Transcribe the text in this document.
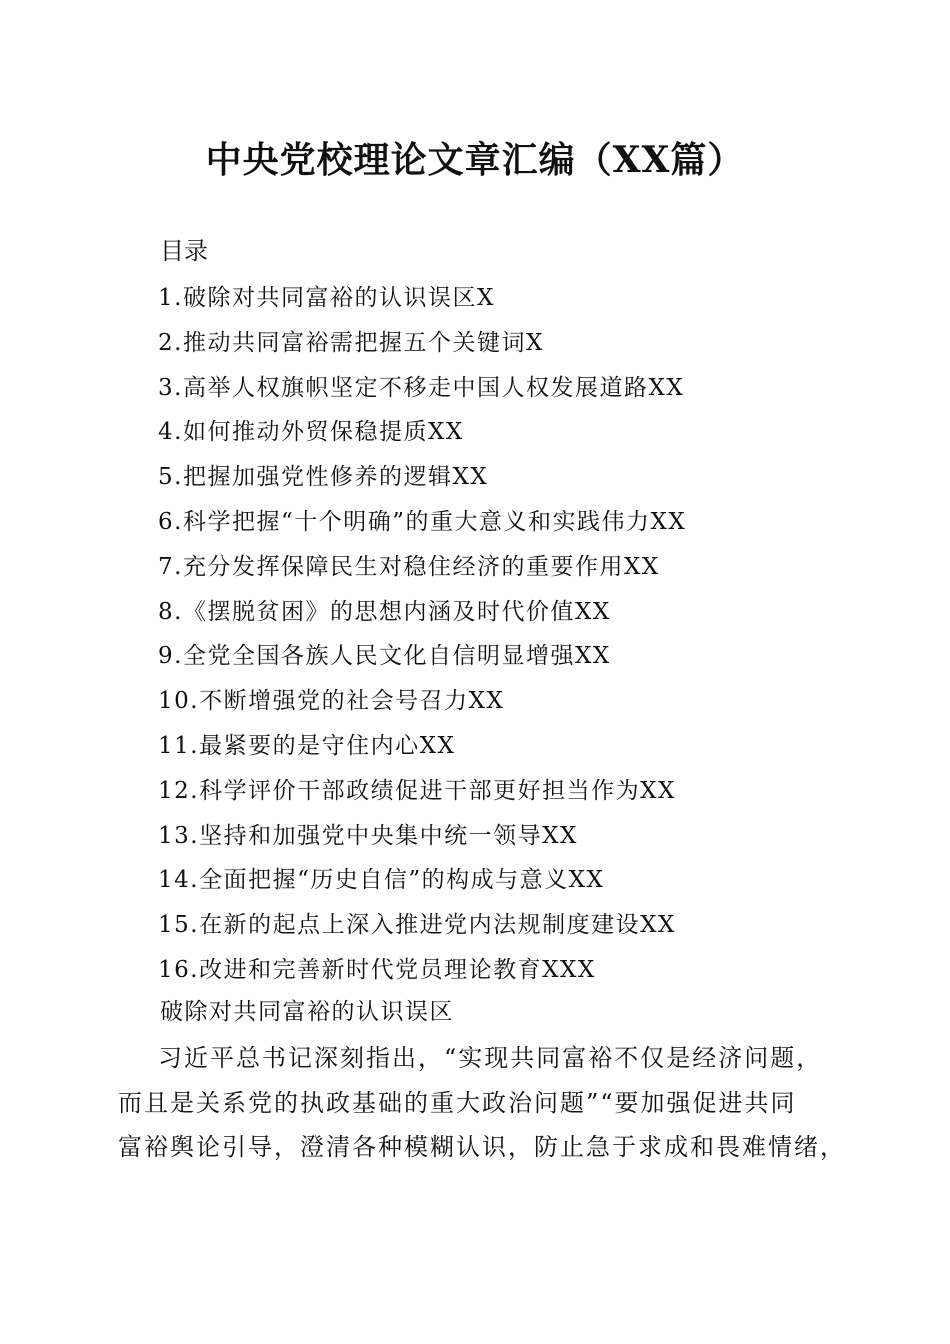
中央党校理论文章汇编（XX篇）
目录
1.破除对共同富裕的认识误区X
2.推动共同富裕需把握五个关键词X
3.高举人权旗帜坚定不移走中国人权发展道路XX
4.如何推动外贸保稳提质XX
5.把握加强党性修养的逻辑XX
6.科学把握“十个明确”的重大意义和实践伟力XX
7.充分发挥保障民生对稳住经济的重要作用XX
8.《摆脱贫困》的思想内涵及时代价值XX
9.全党全国各族人民文化自信明显增强XX
10.不断增强党的社会号召力XX
11.最紧要的是守住内心XX
12.科学评价干部政绩促进干部更好担当作为XX
13.坚持和加强党中央集中统一领导XX
14.全面把握“历史自信”的构成与意义XX
15.在新的起点上深入推进党内法规制度建设XX
16.改进和完善新时代党员理论教育XXX
破除对共同富裕的认识误区
习近平总书记深刻指出，“实现共同富裕不仅是经济问题，
而且是关系党的执政基础的重大政治问题”“要加强促进共同
富裕舆论引导，澄清各种模糊认识，防止急于求成和畏难情绪，
